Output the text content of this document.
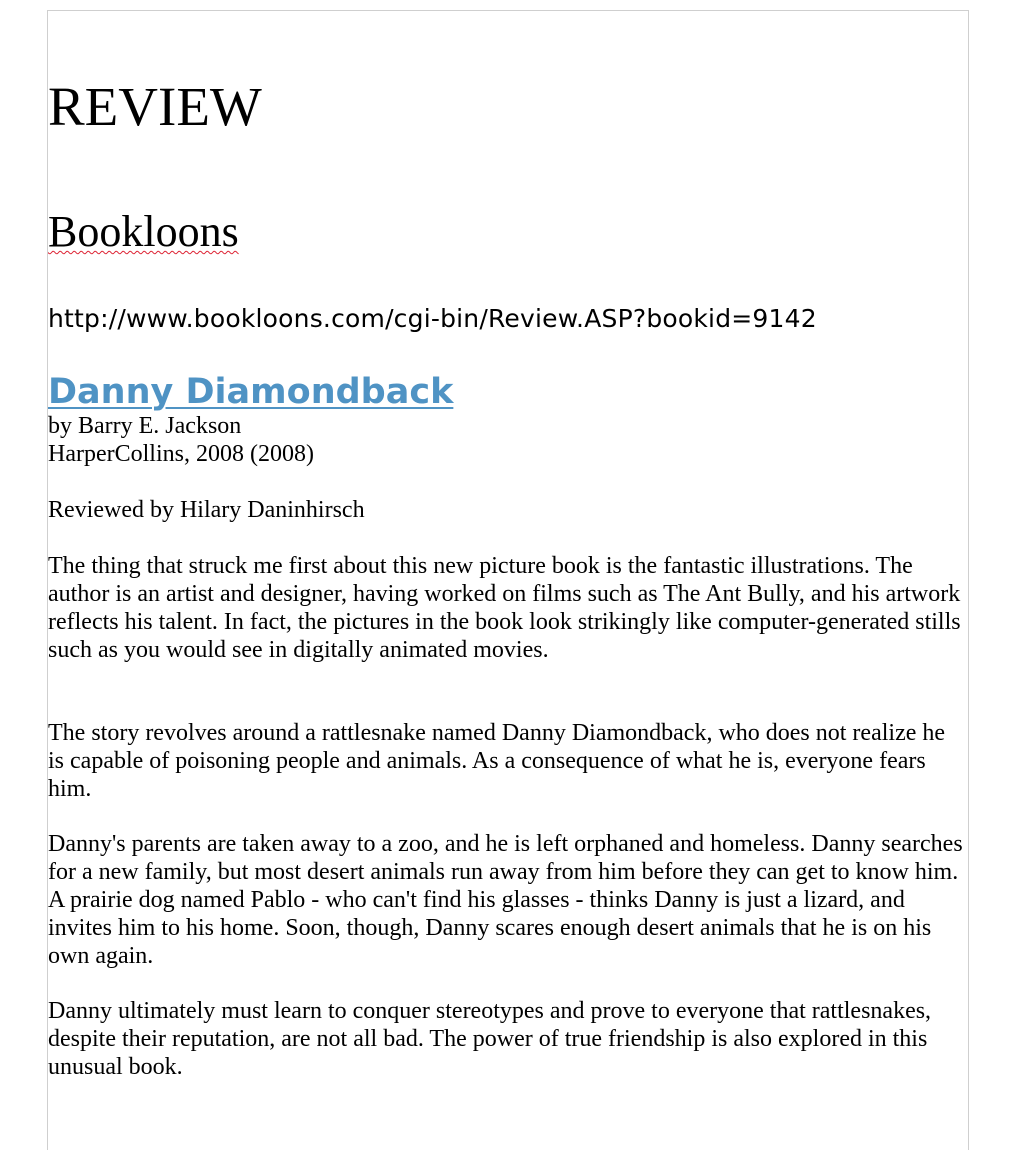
REVIEW
Bookloons
http://www.bookloons.com/cgi-bin/Review.ASP?bookid=9142
Danny Diamondback
by Barry E. Jackson
HarperCollins, 2008 (2008)
Reviewed by Hilary Daninhirsch

The thing that struck me first about this new picture book is the fantastic illustrations. The author is an artist and designer, having worked on films such as The Ant Bully, and his artwork reflects his talent. In fact, the pictures in the book look strikingly like computer-generated stills such as you would see in digitally animated movies.

The story revolves around a rattlesnake named Danny Diamondback, who does not realize he is capable of poisoning people and animals. As a consequence of what he is, everyone fears him.

Danny's parents are taken away to a zoo, and he is left orphaned and homeless. Danny searches for a new family, but most desert animals run away from him before they can get to know him. A prairie dog named Pablo - who can't find his glasses - thinks Danny is just a lizard, and invites him to his home. Soon, though, Danny scares enough desert animals that he is on his own again.

Danny ultimately must learn to conquer stereotypes and prove to everyone that rattlesnakes, despite their reputation, are not all bad. The power of true friendship is also explored in this unusual book.
